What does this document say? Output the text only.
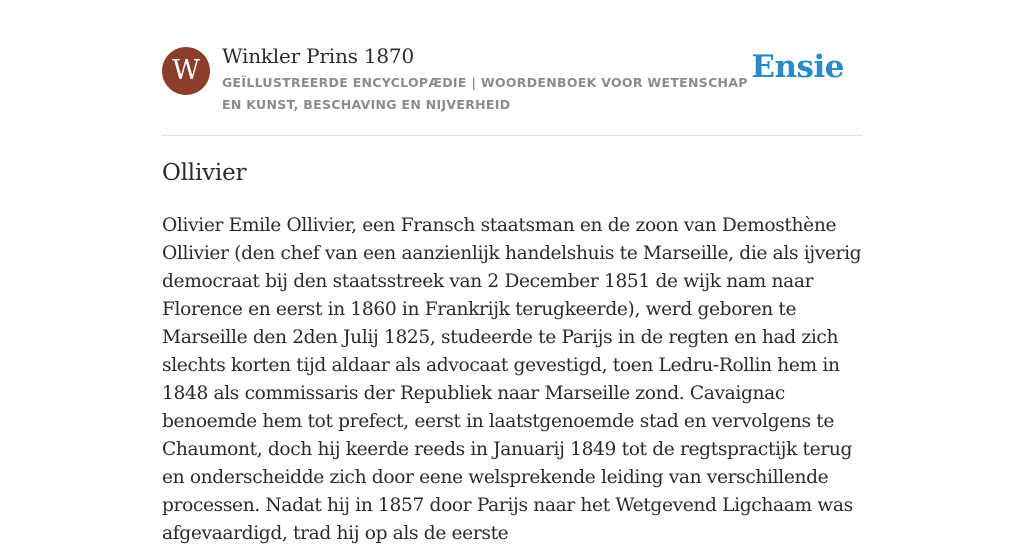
W	Winkler Prins 1870
GEÏLLUSTREERDE ENCYCLOPÆDIE | WOORDENBOEK VOOR WETENSCHAP EN KUNST, BESCHAVING EN NIJVERHEID
Ensie
Ollivier

Olivier Emile Ollivier, een Fransch staatsman en de zoon van Demosthène Ollivier (den chef van een aanzienlijk handelshuis te Marseille, die als ijverig democraat bij den staatsstreek van 2 December 1851 de wijk nam naar Florence en eerst in 1860 in Frankrijk terugkeerde), werd geboren te Marseille den 2den Julij 1825, studeerde te Parijs in de regten en had zich slechts korten tijd aldaar als advocaat gevestigd, toen Ledru-Rollin hem in 1848 als commissaris der Republiek naar Marseille zond. Cavaignac benoemde hem tot prefect, eerst in laatstgenoemde stad en vervolgens te Chaumont, doch hij keerde reeds in Januarij 1849 tot de regtspractijk terug en onderscheidde zich door eene welsprekende leiding van verschillende processen. Nadat hij in 1857 door Parijs naar het Wetgevend Ligchaam was afgevaardigd, trad hij op als de eerste
